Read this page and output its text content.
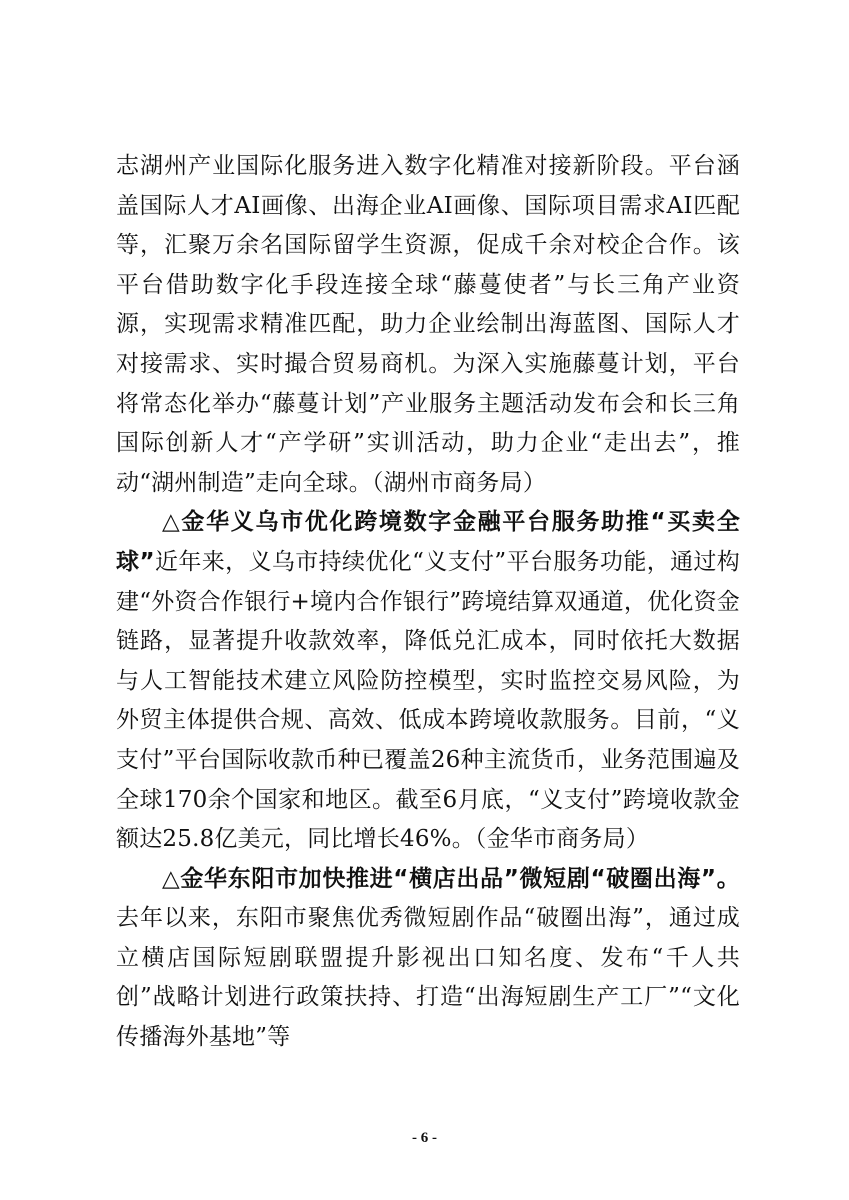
志湖州产业国际化服务进入数字化精准对接新阶段。平台涵盖国际人才AI画像、出海企业AI画像、国际项目需求AI匹配等，汇聚万余名国际留学生资源，促成千余对校企合作。该平台借助数字化手段连接全球“藤蔓使者”与长三角产业资源，实现需求精准匹配，助力企业绘制出海蓝图、国际人才对接需求、实时撮合贸易商机。为深入实施藤蔓计划，平台将常态化举办“藤蔓计划”产业服务主题活动发布会和长三角国际创新人才“产学研”实训活动，助力企业“走出去”，推动“湖州制造”走向全球。（湖州市商务局）

△金华义乌市优化跨境数字金融平台服务助推“买卖全球”近年来，义乌市持续优化“义支付”平台服务功能，通过构建“外资合作银行+境内合作银行”跨境结算双通道，优化资金链路，显著提升收款效率，降低兑汇成本，同时依托大数据与人工智能技术建立风险防控模型，实时监控交易风险，为外贸主体提供合规、高效、低成本跨境收款服务。目前，“义支付”平台国际收款币种已覆盖26种主流货币，业务范围遍及全球170余个国家和地区。截至6月底，“义支付”跨境收款金额达25.8亿美元，同比增长46%。（金华市商务局）

△金华东阳市加快推进“横店出品”微短剧“破圈出海”。去年以来，东阳市聚焦优秀微短剧作品“破圈出海”，通过成立横店国际短剧联盟提升影视出口知名度、发布“千人共创”战略计划进行政策扶持、打造“出海短剧生产工厂”“文化传播海外基地”等

- 6 -
